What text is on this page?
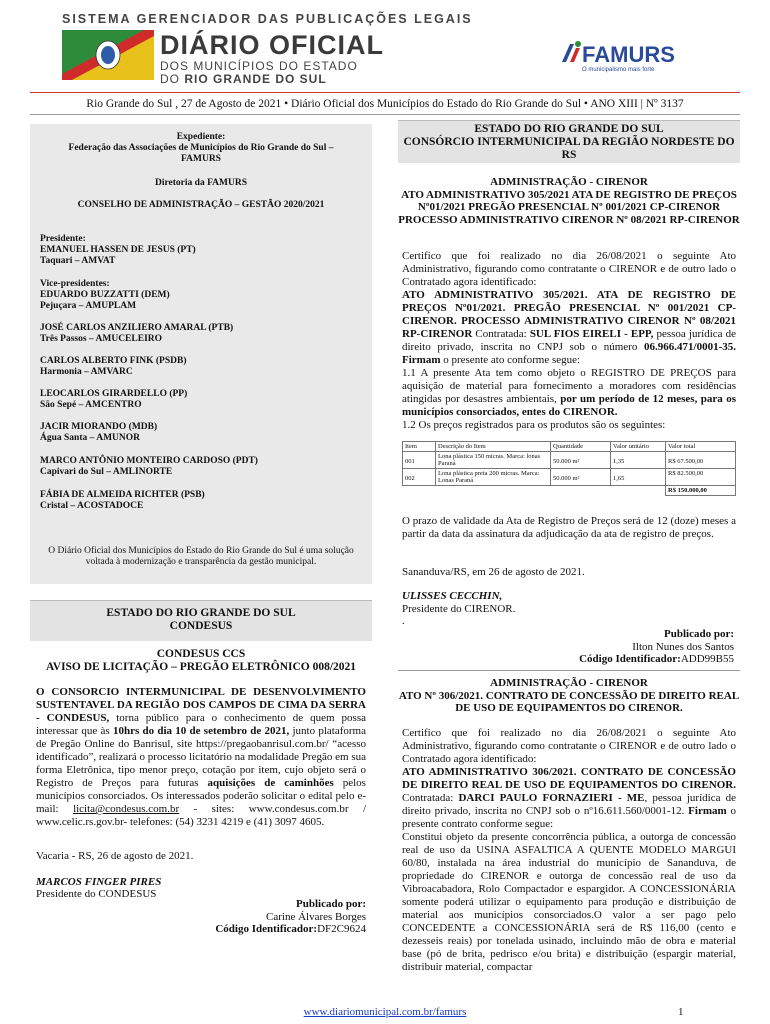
SISTEMA GERENCIADOR DAS PUBLICAÇÕES LEGAIS
DIÁRIO OFICIAL
DOS MUNICÍPIOS DO ESTADO
DO RIO GRANDE DO SUL
FAMURS
O municipalismo mais forte
Rio Grande do Sul , 27 de Agosto de 2021 • Diário Oficial dos Municípios do Estado do Rio Grande do Sul • ANO XIII | Nº 3137
Expediente:
Federação das Associações de Municípios do Rio Grande do Sul – FAMURS
Diretoria da FAMURS
CONSELHO DE ADMINISTRAÇÃO – GESTÃO 2020/2021
Presidente:
EMANUEL HASSEN DE JESUS (PT)
Taquari – AMVAT
Vice-presidentes:
EDUARDO BUZZATTI (DEM)
Pejuçara – AMUPLAM
JOSÉ CARLOS ANZILIERO AMARAL (PTB)
Três Passos – AMUCELEIRO
CARLOS ALBERTO FINK (PSDB)
Harmonia – AMVARC
LEOCARLOS GIRARDELLO (PP)
São Sepé – AMCENTRO
JACIR MIORANDO (MDB)
Água Santa – AMUNOR
MARCO ANTÔNIO MONTEIRO CARDOSO (PDT)
Capivari do Sul – AMLINORTE
FÁBIA DE ALMEIDA RICHTER (PSB)
Cristal – ACOSTADOCE
O Diário Oficial dos Municípios do Estado do Rio Grande do Sul é uma solução voltada à modernização e transparência da gestão municipal.
ESTADO DO RIO GRANDE DO SUL
CONDESUS
CONDESUS CCS
AVISO DE LICITAÇÃO – PREGÃO ELETRÔNICO 008/2021
O CONSORCIO INTERMUNICIPAL DE DESENVOLVIMENTO SUSTENTAVEL DA REGIÃO DOS CAMPOS DE CIMA DA SERRA - CONDESUS, torna público para o conhecimento de quem possa interessar que às 10hrs do dia 10 de setembro de 2021, junto plataforma de Pregão Online do Banrisul, site https://pregaobanrisul.com.br/ “acesso identificado”, realizará o processo licitatório na modalidade Pregão em sua forma Eletrônica, tipo menor preço, cotação por item, cujo objeto será o Registro de Preços para futuras aquisições de caminhões pelos municípios consorciados. Os interessados poderão solicitar o edital pelo e-mail: licita@condesus.com.br - sites: www.condesus.com.br / www.celic.rs.gov.br- telefones: (54) 3231 4219 e (41) 3097 4605.
Vacaria - RS, 26 de agosto de 2021.
MARCOS FINGER PIRES
Presidente do CONDESUS
Publicado por:
Carine Álvares Borges
Código Identificador:DF2C9624
ESTADO DO RIO GRANDE DO SUL
CONSÓRCIO INTERMUNICIPAL DA REGIÃO NORDESTE DO RS
ADMINISTRAÇÃO - CIRENOR
ATO ADMINISTRATIVO 305/2021 ATA DE REGISTRO DE PREÇOS Nº01/2021 PREGÃO PRESENCIAL Nº 001/2021 CP-CIRENOR PROCESSO ADMINISTRATIVO CIRENOR Nº 08/2021 RP-CIRENOR

Certifico que foi realizado no dia 26/08/2021 o seguinte Ato Administrativo, figurando como contratante o CIRENOR e de outro lado o Contratado agora identificado:

ATO ADMINISTRATIVO 305/2021. ATA DE REGISTRO DE PREÇOS Nº01/2021. PREGÃO PRESENCIAL Nº 001/2021 CP-CIRENOR. PROCESSO ADMINISTRATIVO CIRENOR Nº 08/2021 RP-CIRENOR Contratada: SUL FIOS EIRELI - EPP, pessoa jurídica de direito privado, inscrita no CNPJ sob o número 06.966.471/0001-35. Firmam o presente ato conforme segue:

1.1 A presente Ata tem como objeto o REGISTRO DE PREÇOS para aquisição de material para fornecimento a moradores com residências atingidas por desastres ambientais, por um período de 12 meses, para os municípios consorciados, entes do CIRENOR.

1.2 Os preços registrados para os produtos são os seguintes:

Item	Descrição do Item	Quantidade	Valor unitário	Valor total
001	Lona plástica 150 micras. Marca: lonas Paraná	50.000 m²	1,35	R$ 67.500,00
002	Lona plástica preta 200 micras. Marca: Lonas Paraná	50.000 m²	1,65	R$ 82.500,00
				R$ 150.000,00
O prazo de validade da Ata de Registro de Preços será de 12 (doze) meses a partir da data da assinatura da adjudicação da ata de registro de preços.
Sananduva/RS, em 26 de agosto de 2021.
ULISSES CECCHIN,
Presidente do CIRENOR.
.
Publicado por:
Ilton Nunes dos Santos
Código Identificador:ADD99B55
ADMINISTRAÇÃO - CIRENOR
ATO Nº 306/2021. CONTRATO DE CONCESSÃO DE DIREITO REAL DE USO DE EQUIPAMENTOS DO CIRENOR.

Certifico que foi realizado no dia 26/08/2021 o seguinte Ato Administrativo, figurando como contratante o CIRENOR e de outro lado o Contratado agora identificado:

ATO ADMINISTRATIVO 306/2021. CONTRATO DE CONCESSÃO DE DIREITO REAL DE USO DE EQUIPAMENTOS DO CIRENOR. Contratada: DARCI PAULO FORNAZIERI - ME, pessoa jurídica de direito privado, inscrita no CNPJ sob o nº16.611.560/0001-12. Firmam o presente contrato conforme segue:

Constitui objeto da presente concorrência pública, a outorga de concessão real de uso da USINA ASFALTICA A QUENTE MODELO MARGUI 60/80, instalada na área industrial do município de Sananduva, de propriedade do CIRENOR e outorga de concessão real de uso da Vibroacabadora, Rolo Compactador e espargidor. A CONCESSIONÁRIA somente poderá utilizar o equipamento para produção e distribuição de material aos municípios consorciados.O valor a ser pago pelo CONCEDENTE a CONCESSIONÁRIA será de R$ 116,00 (cento e dezesseis reais) por tonelada usinado, incluindo mão de obra e material base (pó de brita, pedrisco e/ou brita) e distribuição (espargir material, distribuir material, compactar

www.diariomunicipal.com.br/famurs	1
